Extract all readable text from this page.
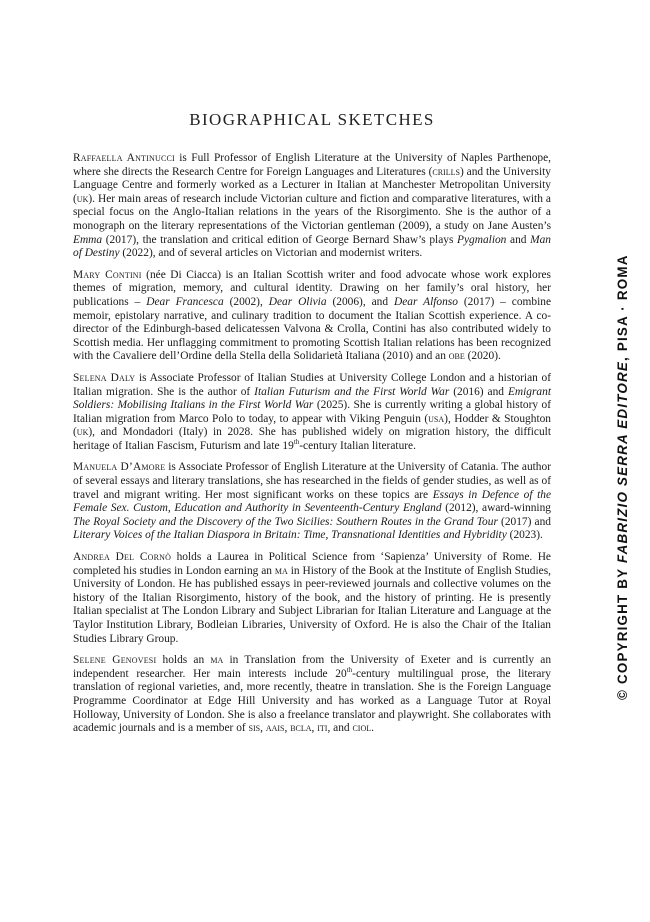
BIOGRAPHICAL SKETCHES

Raffaella Antinucci is Full Professor of English Literature at the University of Naples Parthenope, where she directs the Research Centre for Foreign Languages and Literatures (crills) and the University Language Centre and formerly worked as a Lecturer in Italian at Manchester Metropolitan University (uk). Her main areas of research include Victorian culture and fiction and comparative literatures, with a special focus on the Anglo-Italian relations in the years of the Risorgimento. She is the author of a monograph on the literary representations of the Victorian gentleman (2009), a study on Jane Austen’s Emma (2017), the translation and critical edition of George Bernard Shaw’s plays Pygmalion and Man of Destiny (2022), and of several articles on Victorian and modernist writers.

Mary Contini (née Di Ciacca) is an Italian Scottish writer and food advocate whose work explores themes of migration, memory, and cultural identity. Drawing on her family’s oral history, her publications – Dear Francesca (2002), Dear Olivia (2006), and Dear Alfonso (2017) – combine memoir, epistolary narrative, and culinary tradition to document the Italian Scottish experience. A co-director of the Edinburgh-based delicatessen Valvona & Crolla, Contini has also contributed widely to Scottish media. Her unflagging commitment to promoting Scottish Italian relations has been recognized with the Cavaliere dell’Ordine della Stella della Solidarietà Italiana (2010) and an obe (2020).

Selena Daly is Associate Professor of Italian Studies at University College London and a historian of Italian migration. She is the author of Italian Futurism and the First World War (2016) and Emigrant Soldiers: Mobilising Italians in the First World War (2025). She is currently writing a global history of Italian migration from Marco Polo to today, to appear with Viking Penguin (usa), Hodder & Stoughton (uk), and Mondadori (Italy) in 2028. She has published widely on migration history, the difficult heritage of Italian Fascism, Futurism and late 19th-century Italian literature.

Manuela D’Amore is Associate Professor of English Literature at the University of Catania. The author of several essays and literary translations, she has researched in the fields of gender studies, as well as of travel and migrant writing. Her most significant works on these topics are Essays in Defence of the Female Sex. Custom, Education and Authority in Seventeenth-Century England (2012), award-winning The Royal Society and the Discovery of the Two Sicilies: Southern Routes in the Grand Tour (2017) and Literary Voices of the Italian Diaspora in Britain: Time, Transnational Identities and Hybridity (2023).

Andrea Del Cornò holds a Laurea in Political Science from ‘Sapienza’ University of Rome. He completed his studies in London earning an ma in History of the Book at the Institute of English Studies, University of London. He has published essays in peer-reviewed journals and collective volumes on the history of the Italian Risorgimento, history of the book, and the history of printing. He is presently Italian specialist at The London Library and Subject Librarian for Italian Literature and Language at the Taylor Institution Library, Bodleian Libraries, University of Oxford. He is also the Chair of the Italian Studies Library Group.

Selene Genovesi holds an ma in Translation from the University of Exeter and is currently an independent researcher. Her main interests include 20th-century multilingual prose, the literary translation of regional varieties, and, more recently, theatre in translation. She is the Foreign Language Programme Coordinator at Edge Hill University and has worked as a Language Tutor at Royal Holloway, University of London. She is also a freelance translator and playwright. She collaborates with academic journals and is a member of sis, aais, bcla, iti, and ciol.

© COPYRIGHT BY FABRIZIO SERRA EDITORE, PISA · ROMA
